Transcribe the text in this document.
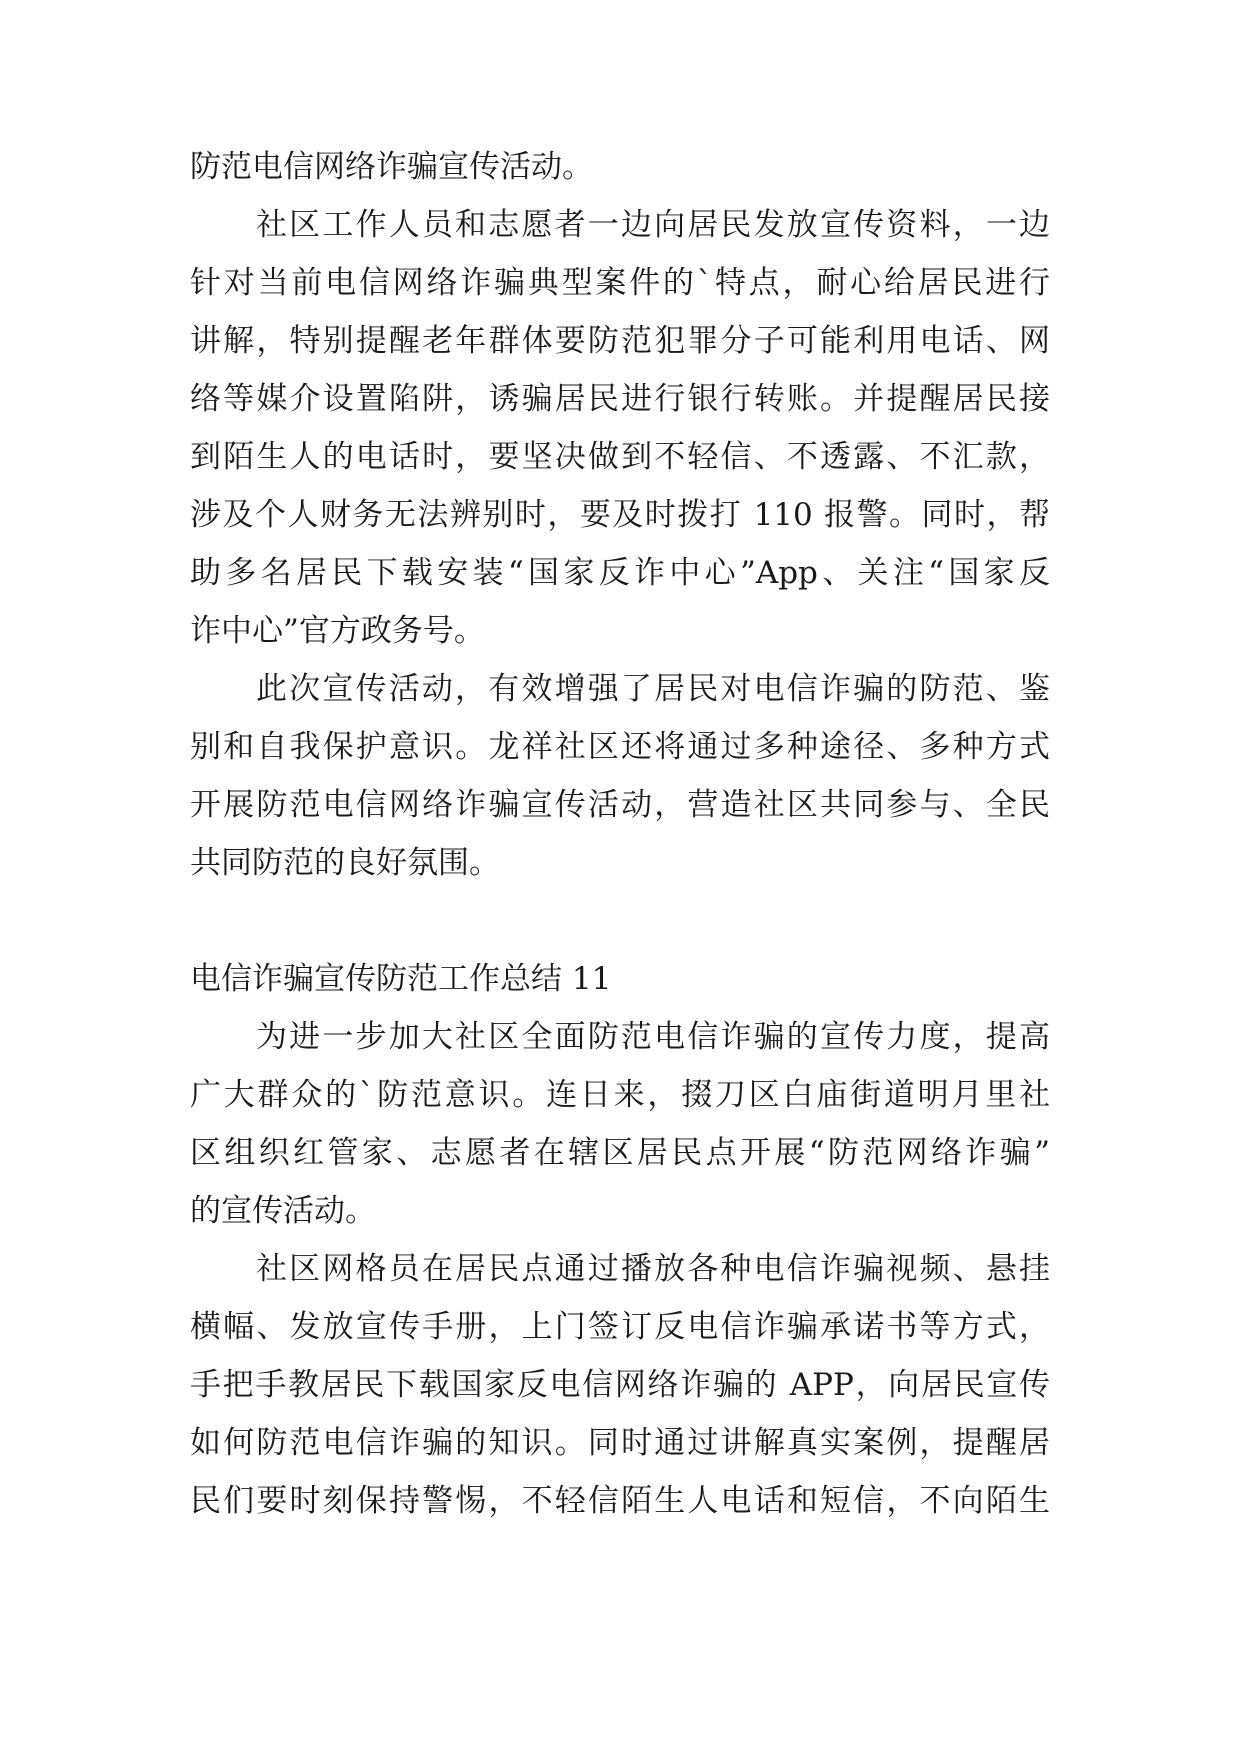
防范电信网络诈骗宣传活动。
社区工作人员和志愿者一边向居民发放宣传资料，一边
针对当前电信网络诈骗典型案件的`特点，耐心给居民进行
讲解，特别提醒老年群体要防范犯罪分子可能利用电话、网
络等媒介设置陷阱，诱骗居民进行银行转账。并提醒居民接
到陌生人的电话时，要坚决做到不轻信、不透露、不汇款，
涉及个人财务无法辨别时，要及时拨打 110 报警。同时，帮
助多名居民下载安装“国家反诈中心”App、关注“国家反
诈中心”官方政务号。
此次宣传活动，有效增强了居民对电信诈骗的防范、鉴
别和自我保护意识。龙祥社区还将通过多种途径、多种方式
开展防范电信网络诈骗宣传活动，营造社区共同参与、全民
共同防范的良好氛围。
电信诈骗宣传防范工作总结 11
为进一步加大社区全面防范电信诈骗的宣传力度，提高
广大群众的`防范意识。连日来，掇刀区白庙街道明月里社
区组织红管家、志愿者在辖区居民点开展“防范网络诈骗”
的宣传活动。
社区网格员在居民点通过播放各种电信诈骗视频、悬挂
横幅、发放宣传手册，上门签订反电信诈骗承诺书等方式，
手把手教居民下载国家反电信网络诈骗的 APP，向居民宣传
如何防范电信诈骗的知识。同时通过讲解真实案例，提醒居
民们要时刻保持警惕，不轻信陌生人电话和短信，不向陌生
